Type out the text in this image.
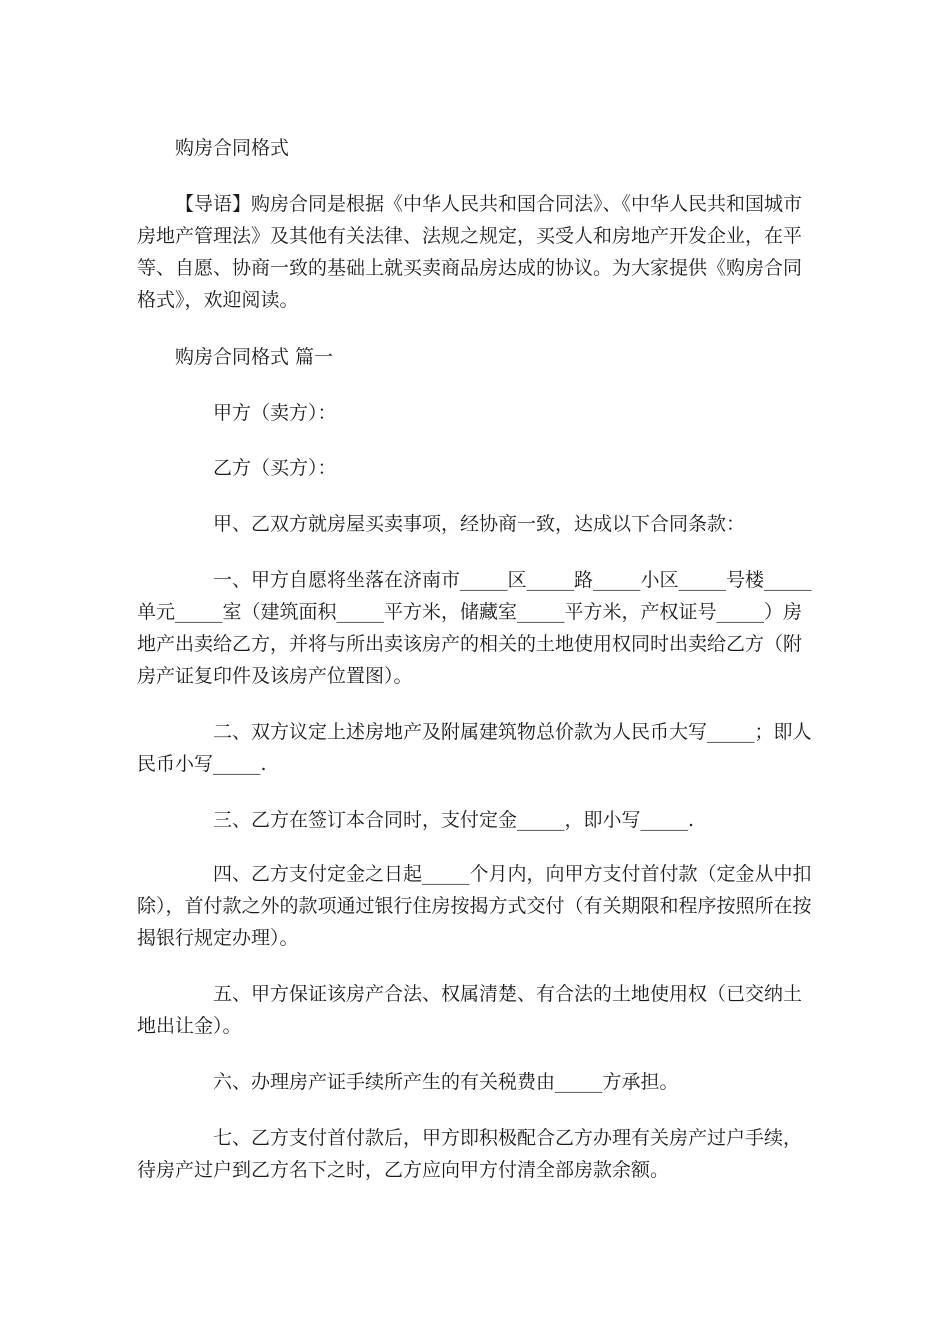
购房合同格式

【导语】购房合同是根据《中华人民共和国合同法》、《中华人民共和国城市房地产管理法》及其他有关法律、法规之规定，买受人和房地产开发企业，在平等、自愿、协商一致的基础上就买卖商品房达成的协议。为大家提供《购房合同格式》，欢迎阅读。

购房合同格式 篇一

甲方（卖方）：

乙方（买方）：

甲、乙双方就房屋买卖事项，经协商一致，达成以下合同条款：

一、甲方自愿将坐落在济南市_____区_____路_____小区_____号楼_____单元_____室（建筑面积_____平方米，储藏室_____平方米，产权证号_____）房地产出卖给乙方，并将与所出卖该房产的相关的土地使用权同时出卖给乙方（附房产证复印件及该房产位置图）。

二、双方议定上述房地产及附属建筑物总价款为人民币大写_____；即人民币小写_____.

三、乙方在签订本合同时，支付定金_____，即小写_____.

四、乙方支付定金之日起_____个月内，向甲方支付首付款（定金从中扣除），首付款之外的款项通过银行住房按揭方式交付（有关期限和程序按照所在按揭银行规定办理）。

五、甲方保证该房产合法、权属清楚、有合法的土地使用权（已交纳土地出让金）。

六、办理房产证手续所产生的有关税费由_____方承担。

七、乙方支付首付款后，甲方即积极配合乙方办理有关房产过户手续，待房产过户到乙方名下之时，乙方应向甲方付清全部房款余额。
